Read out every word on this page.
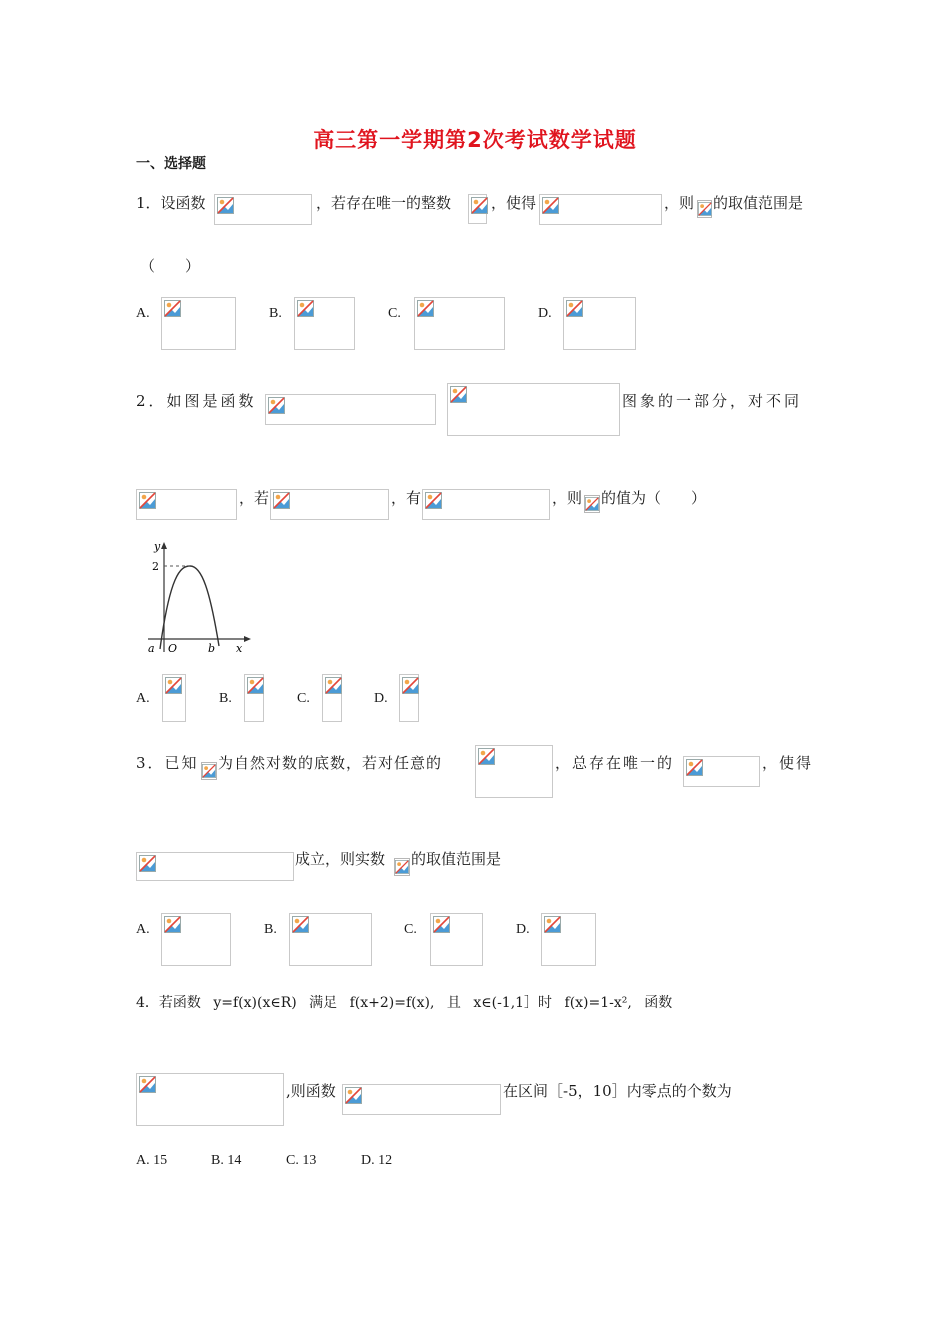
高三第一学期第2次考试数学试题
一、选择题
1．设函数	，若存在唯一的整数	，使得	，则 的取值范围是
（　　）
A.	B.	C.	D.
2．如图是函数	图象的一部分，对不同
，若	，有	，则 的值为（　　）
y
2
a O	b x
A.	B.	C.	D.
3．已知 为自然对数的底数，若对任意的	，总存在唯一的	，使得
成立，则实数 的取值范围是
A.	B.	C.	D.
4．若函数 y=f(x)(x∈R) 满足 f(x+2)=f(x), 且 x∈(-1,1］时 f(x)=1-x², 函数
,则函数	在区间［-5，10］内零点的个数为
A. 15	B. 14	C. 13	D. 12
